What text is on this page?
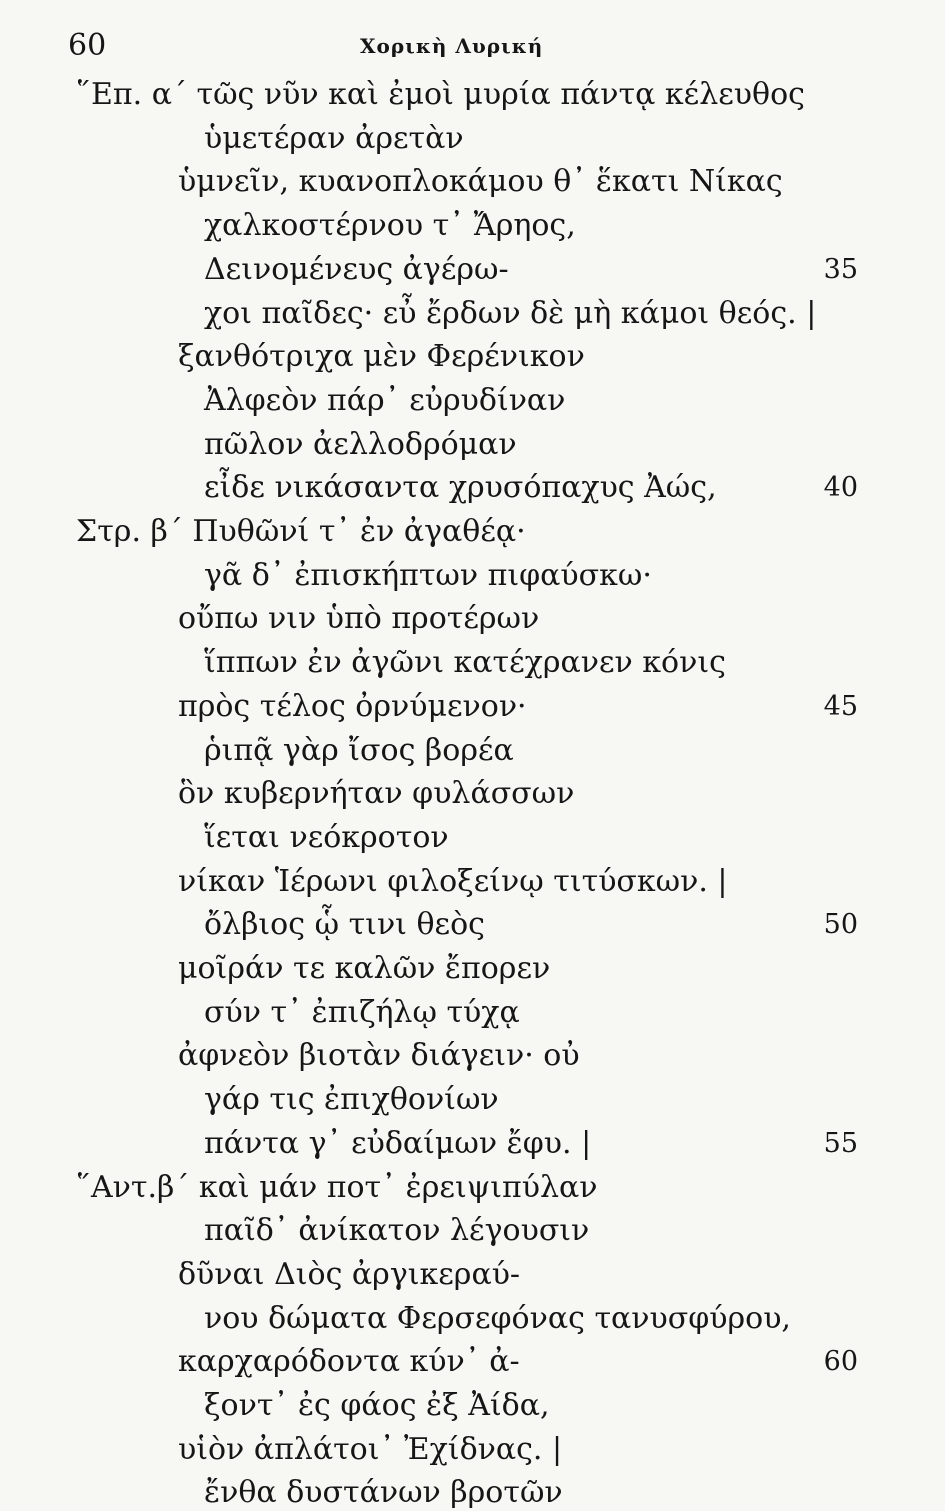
60	Χορικὴ Λυρική
῞Επ. α΄ τῶς νῦν καὶ ἐμοὶ μυρία πάντᾳ κέλευθος
ὑμετέραν ἀρετὰν
ὑμνεῖν, κυανοπλοκάμου θ᾿ ἕκατι Νίκας
χαλκοστέρνου τ᾿ Ἄρηος,
Δεινομένευς ἀγέρω-
χοι παῖδες· εὖ ἔρδων δὲ μὴ κάμοι θεός. |
ξανθότριχα μὲν Φερένικον
Ἀλφεὸν πάρ᾿ εὐρυδίναν
πῶλον ἀελλοδρόμαν
εἶδε νικάσαντα χρυσόπαχυς Ἀώς,
Στρ. β΄ Πυθῶνί τ᾿ ἐν ἀγαθέᾳ·
γᾶ δ᾿ ἐπισκήπτων πιφαύσκω·
οὔπω νιν ὑπὸ προτέρων
ἵππων ἐν ἀγῶνι κατέχρανεν κόνις
πρὸς τέλος ὀρνύμενον·
ῥιπᾷ γὰρ ἴσος βορέα
ὃν κυβερνήταν φυλάσσων
ἵεται νεόκροτον
νίκαν Ἱέρωνι φιλοξείνῳ τιτύσκων. |
ὄλβιος ᾧ τινι θεὸς
μοῖράν τε καλῶν ἔπορεν
σύν τ᾿ ἐπιζήλῳ τύχᾳ
ἀφνεὸν βιοτὰν διάγειν· οὐ
γάρ τις ἐπιχθονίων
πάντα γ᾿ εὐδαίμων ἔφυ. |
῞Αντ.β΄ καὶ μάν ποτ᾿ ἐρειψιπύλαν
παῖδ᾿ ἀνίκατον λέγουσιν
δῦναι Διὸς ἀργικεραύ-
νου δώματα Φερσεφόνας τανυσφύρου,
καρχαρόδοντα κύν᾿ ἀ-
ξοντ᾿ ἐς φάος ἐξ Ἀίδα,
υἱὸν ἀπλάτοι᾿ Ἐχίδνας. |
ἔνθα δυστάνων βροτῶν
35
40
45
50
55
60
